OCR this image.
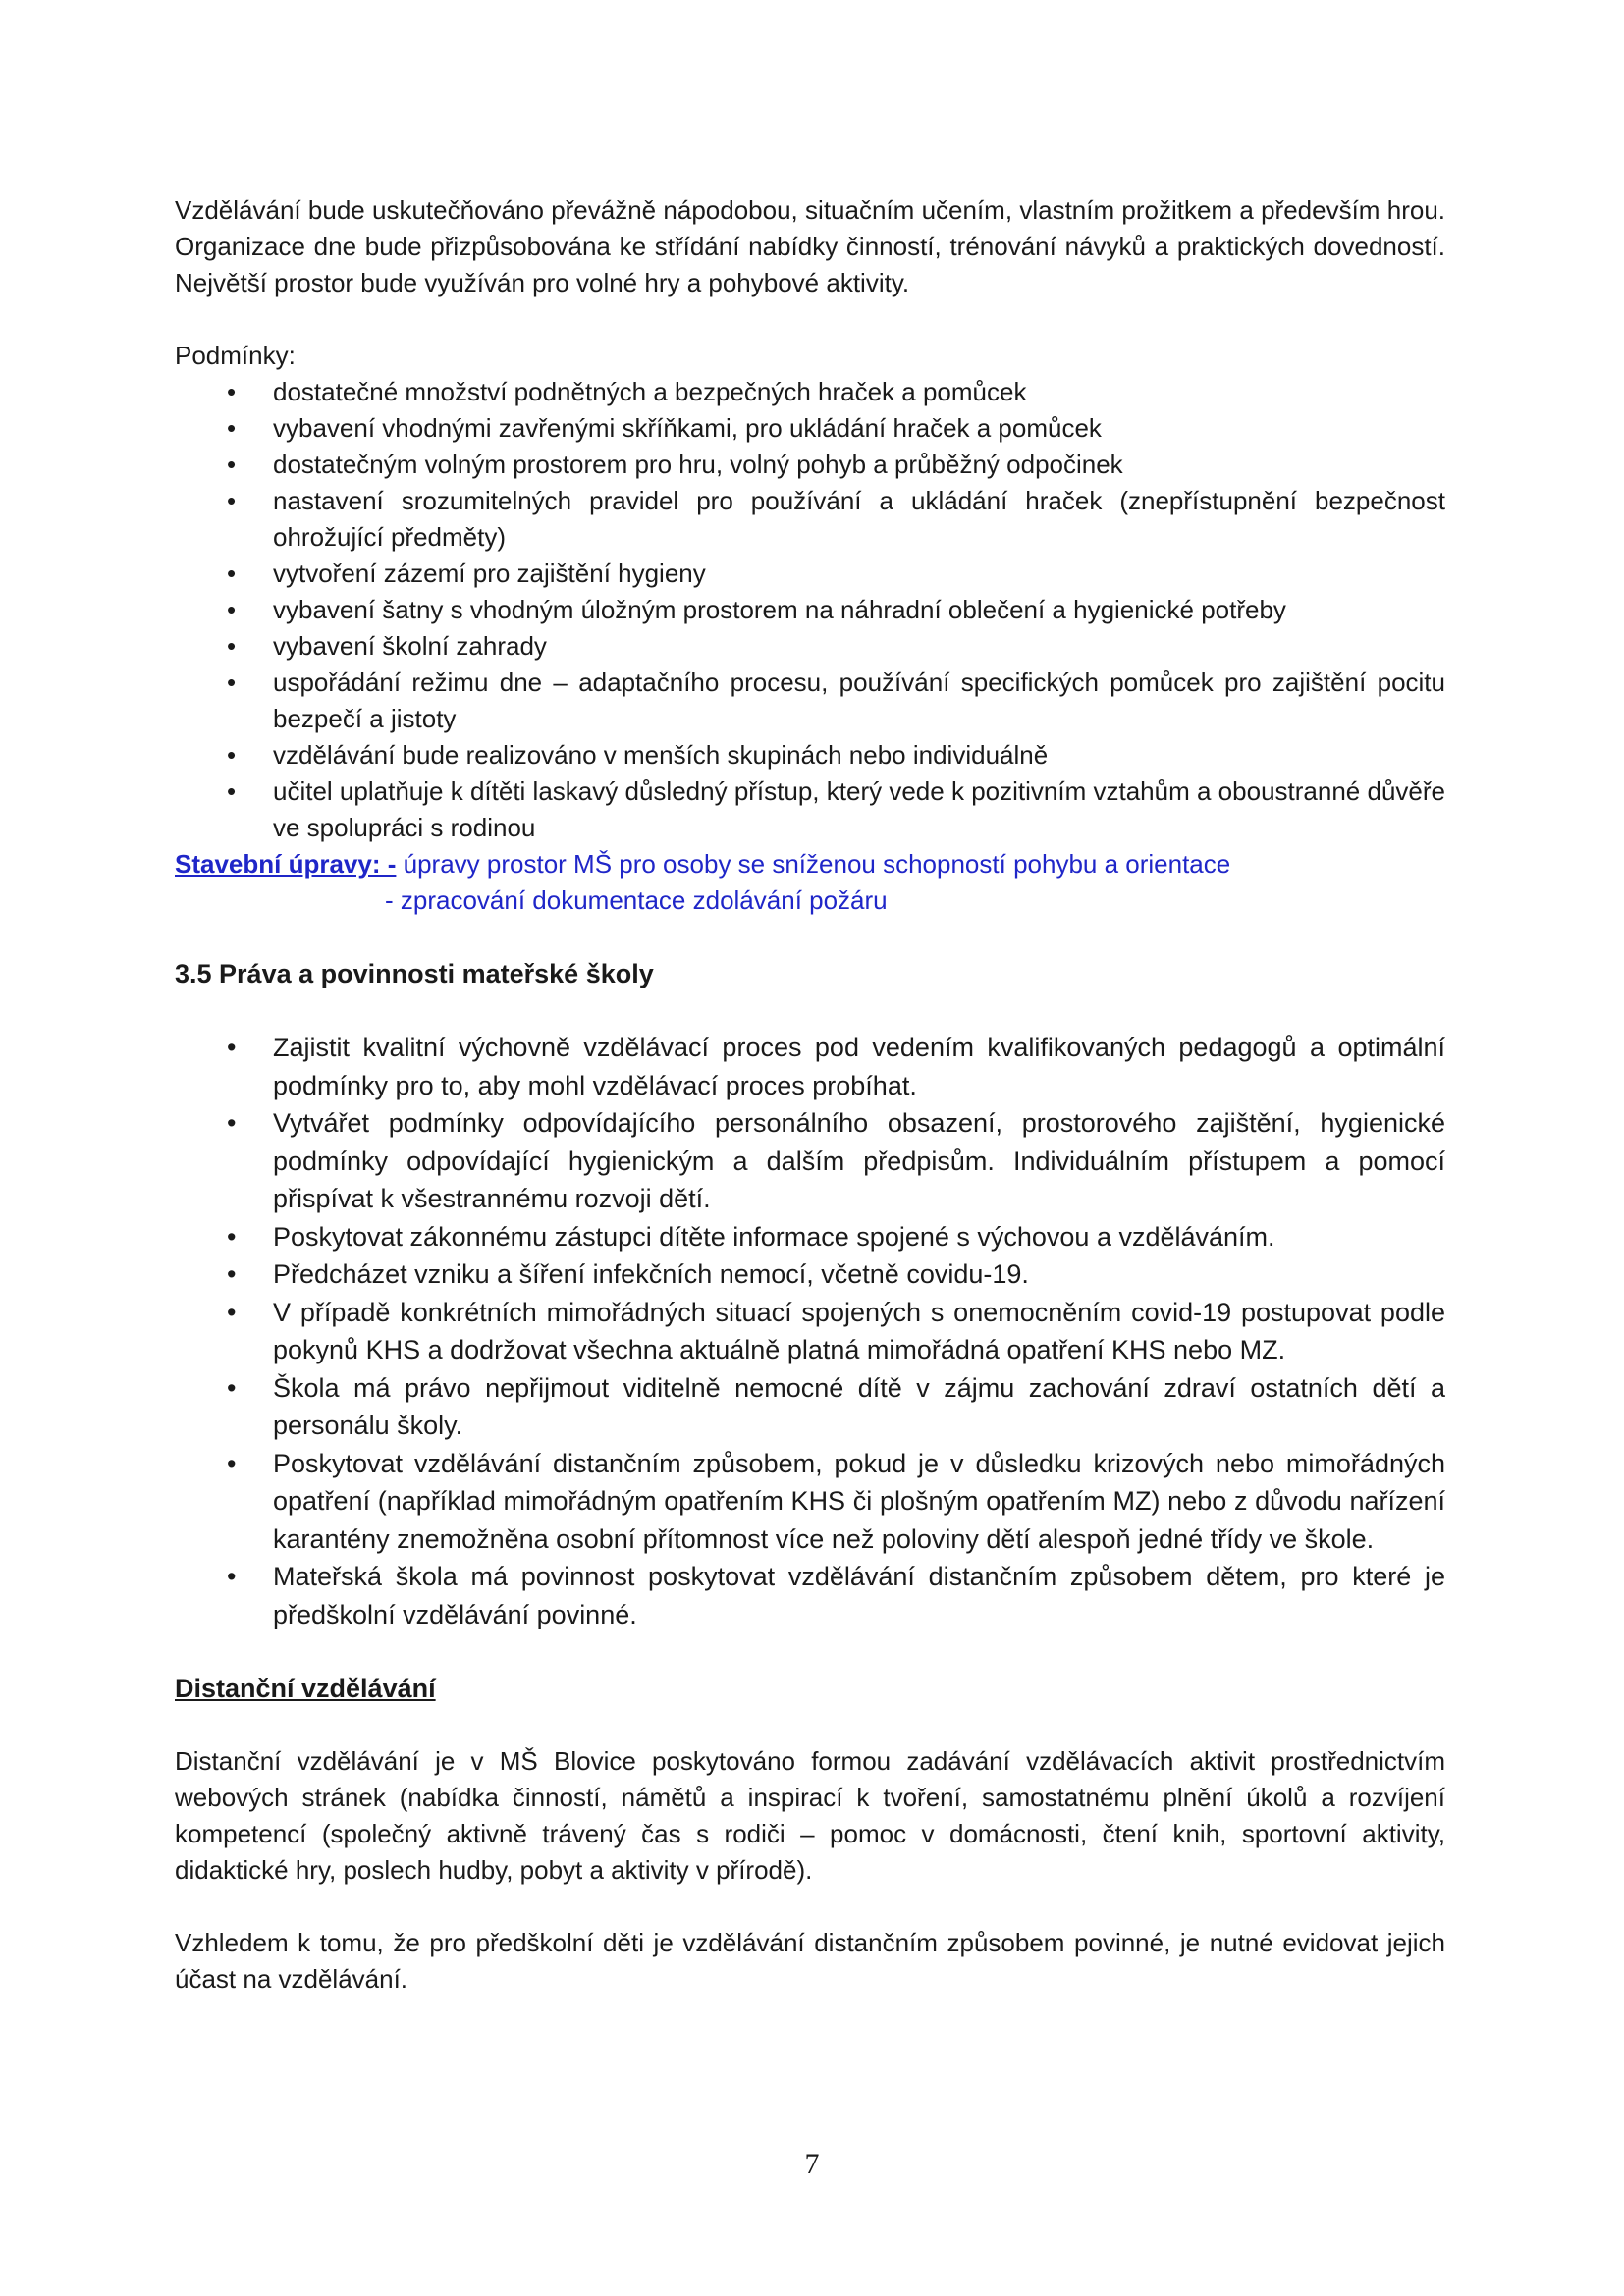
Vzdělávání bude uskutečňováno převážně nápodobou, situačním učením, vlastním prožitkem a především hrou. Organizace dne bude přizpůsobována ke střídání nabídky činností, trénování návyků a praktických dovedností. Největší prostor bude využíván pro volné hry a pohybové aktivity.

Podmínky:

• dostatečné množství podnětných a bezpečných hraček a pomůcek
• vybavení vhodnými zavřenými skříňkami, pro ukládání hraček a pomůcek
• dostatečným volným prostorem pro hru, volný pohyb a průběžný odpočinek
• nastavení srozumitelných pravidel pro používání a ukládání hraček (znepřístupnění bezpečnost ohrožující předměty)
• vytvoření zázemí pro zajištění hygieny
• vybavení šatny s vhodným úložným prostorem na náhradní oblečení a hygienické potřeby
• vybavení školní zahrady
• uspořádání režimu dne – adaptačního procesu, používání specifických pomůcek pro zajištění pocitu bezpečí a jistoty
• vzdělávání bude realizováno v menších skupinách nebo individuálně
• učitel uplatňuje k dítěti laskavý důsledný přístup, který vede k pozitivním vztahům a oboustranné důvěře ve spolupráci s rodinou
Stavební úpravy: - úpravy prostor MŠ pro osoby se sníženou schopností pohybu a orientace
- zpracování dokumentace zdolávání požáru
3.5 Práva a povinnosti mateřské školy
• Zajistit kvalitní výchovně vzdělávací proces pod vedením kvalifikovaných pedagogů a optimální podmínky pro to, aby mohl vzdělávací proces probíhat.
• Vytvářet podmínky odpovídajícího personálního obsazení, prostorového zajištění, hygienické podmínky odpovídající hygienickým a dalším předpisům. Individuálním přístupem a pomocí přispívat k všestrannému rozvoji dětí.
• Poskytovat zákonnému zástupci dítěte informace spojené s výchovou a vzděláváním.
• Předcházet vzniku a šíření infekčních nemocí, včetně covidu-19.
• V případě konkrétních mimořádných situací spojených s onemocněním covid-19 postupovat podle pokynů KHS a dodržovat všechna aktuálně platná mimořádná opatření KHS nebo MZ.
• Škola má právo nepřijmout viditelně nemocné dítě v zájmu zachování zdraví ostatních dětí a personálu školy.
• Poskytovat vzdělávání distančním způsobem, pokud je v důsledku krizových nebo mimořádných opatření (například mimořádným opatřením KHS či plošným opatřením MZ) nebo z důvodu nařízení karantény znemožněna osobní přítomnost více než poloviny dětí alespoň jedné třídy ve škole.
• Mateřská škola má povinnost poskytovat vzdělávání distančním způsobem dětem, pro které je předškolní vzdělávání povinné.
Distanční vzdělávání

Distanční vzdělávání je v MŠ Blovice poskytováno formou zadávání vzdělávacích aktivit prostřednictvím webových stránek (nabídka činností, námětů a inspirací k tvoření, samostatnému plnění úkolů a rozvíjení kompetencí (společný aktivně trávený čas s rodiči – pomoc v domácnosti, čtení knih, sportovní aktivity, didaktické hry, poslech hudby, pobyt a aktivity v přírodě).

Vzhledem k tomu, že pro předškolní děti je vzdělávání distančním způsobem povinné, je nutné evidovat jejich účast na vzdělávání.

7
